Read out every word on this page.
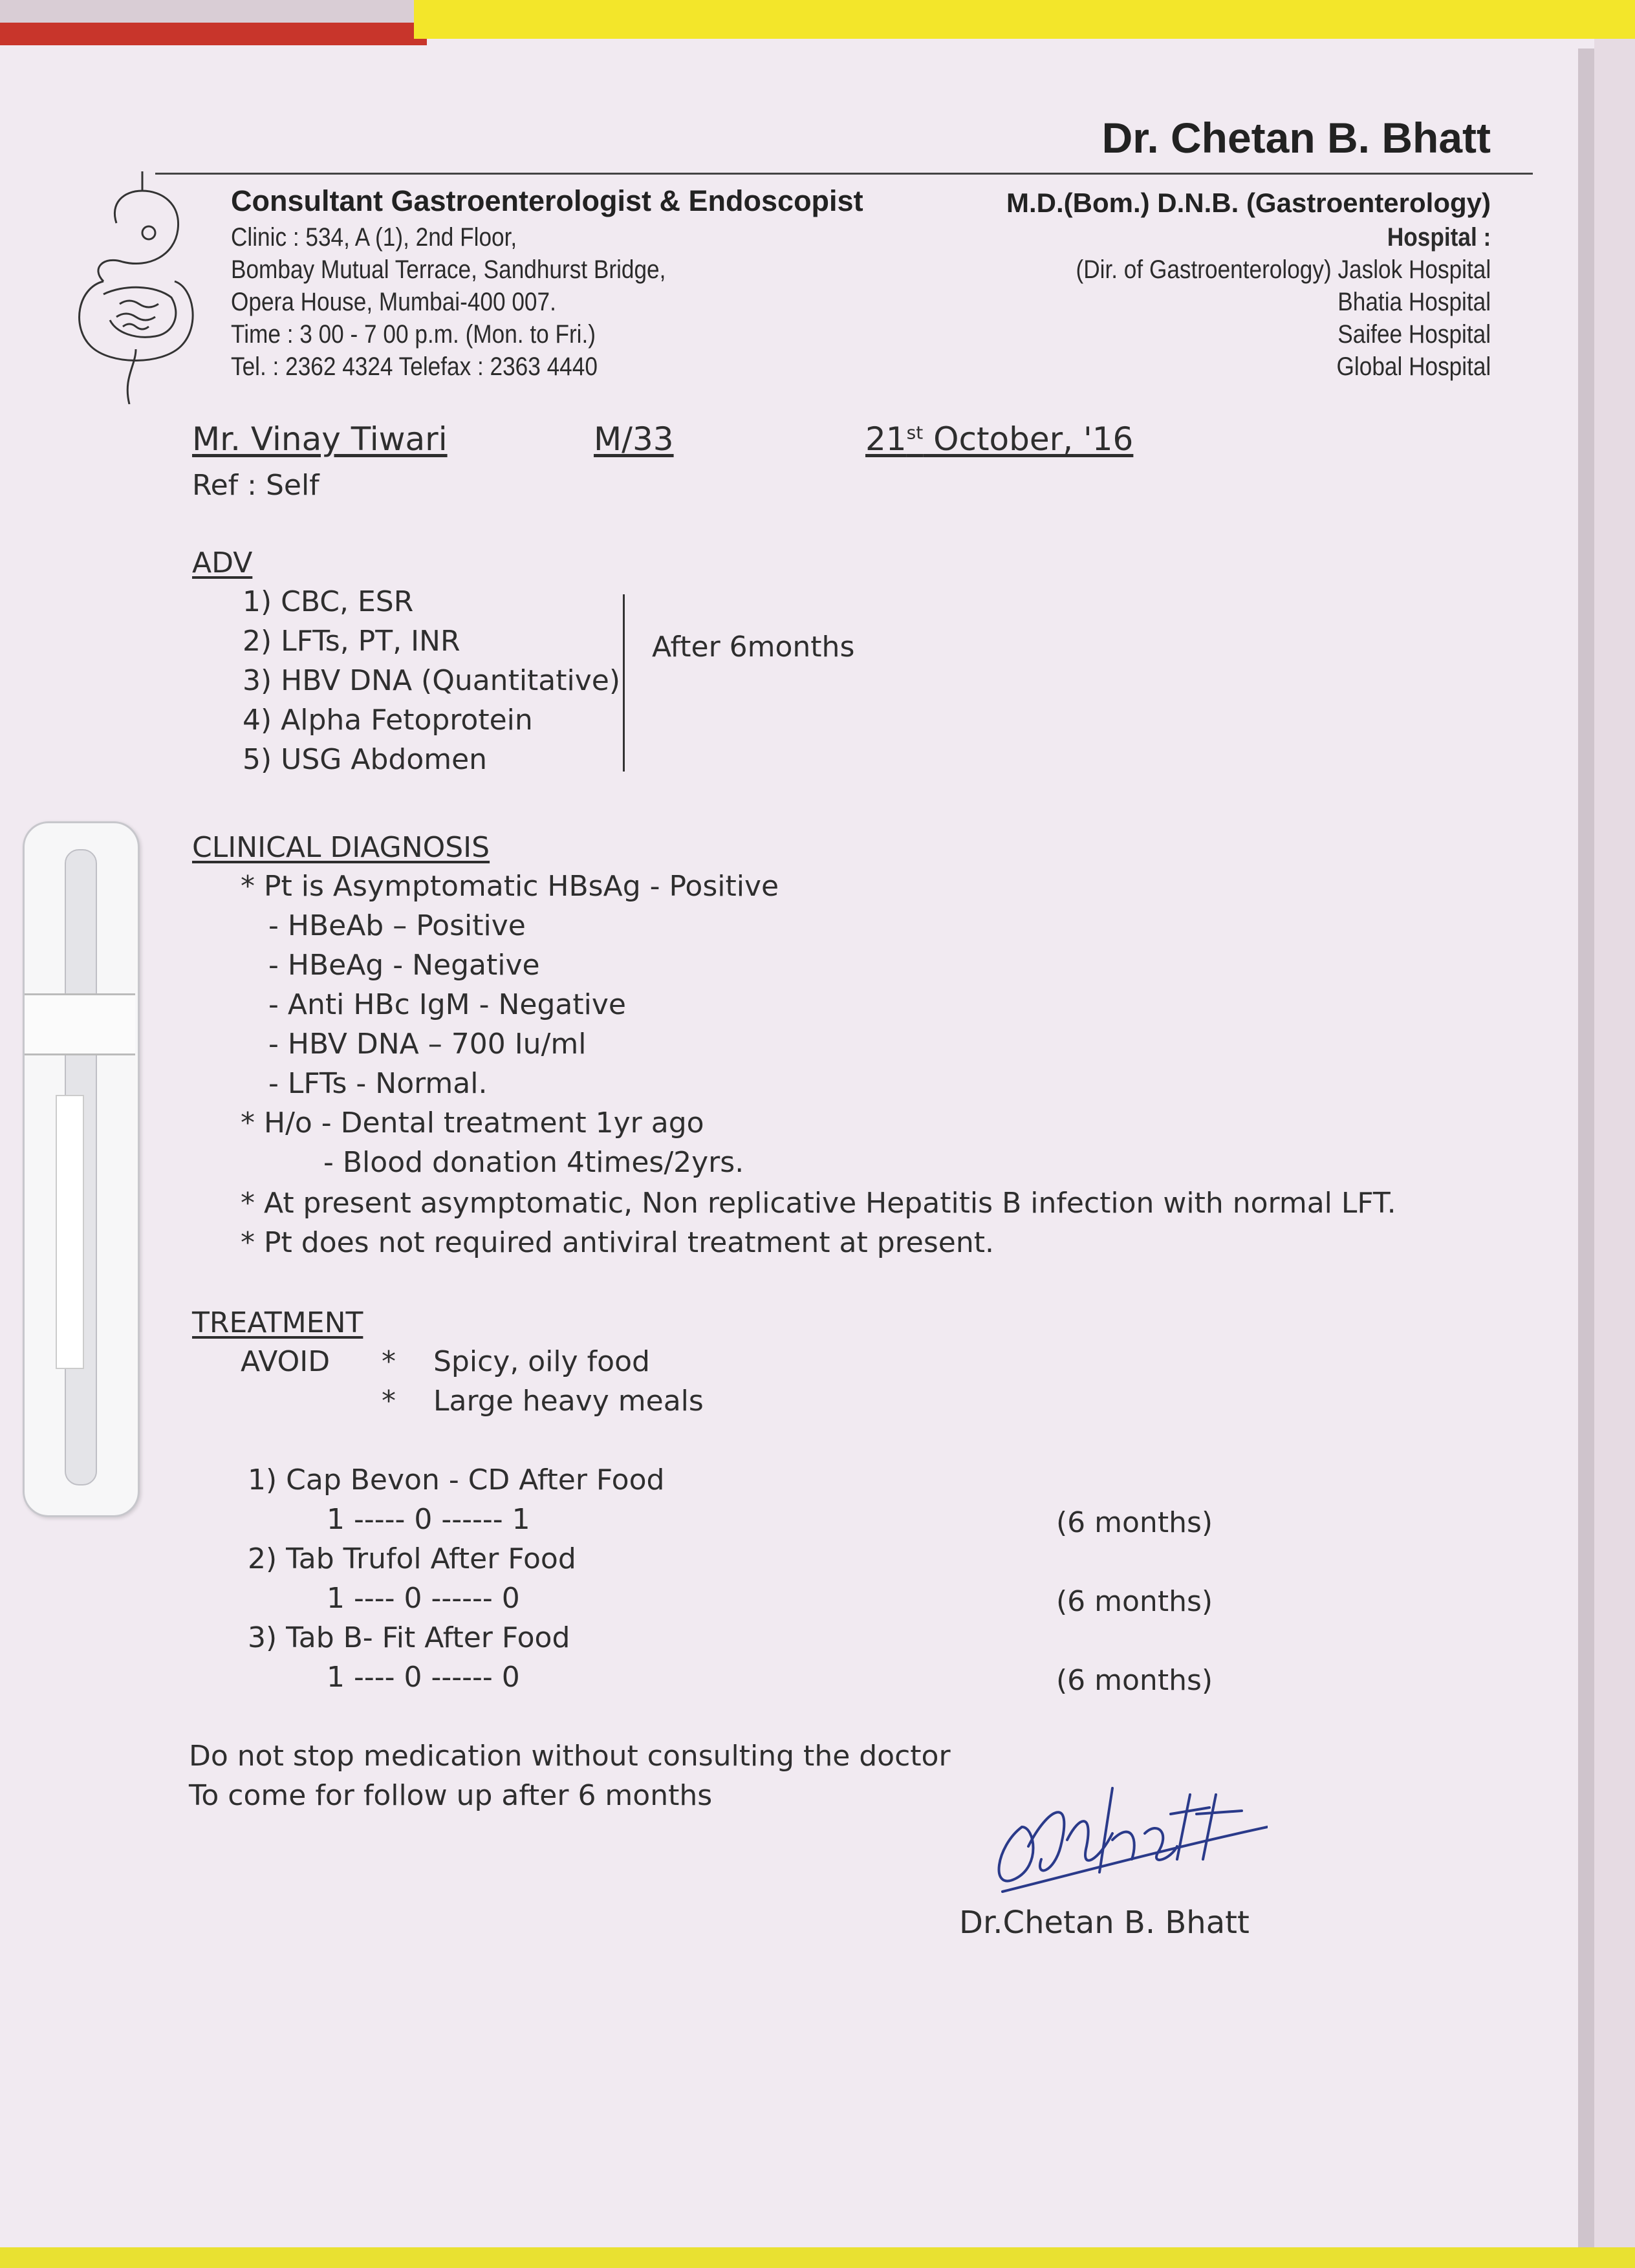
Dr. Chetan B. Bhatt
Consultant Gastroenterologist & Endoscopist	M.D.(Bom.) D.N.B. (Gastroenterology)
Clinic : 534, A (1), 2nd Floor,
Bombay Mutual Terrace, Sandhurst Bridge,
Opera House, Mumbai-400 007.
Time : 3 00 - 7 00 p.m. (Mon. to Fri.)
Tel. : 2362 4324 Telefax : 2363 4440
Hospital :
(Dir. of Gastroenterology) Jaslok Hospital
Bhatia Hospital
Saifee Hospital
Global Hospital
Mr. Vinay Tiwari	M/33	21st October, '16
Ref : Self
ADV
1) CBC, ESR
2) LFTs, PT, INR
3) HBV DNA (Quantitative)
4) Alpha Fetoprotein
5) USG Abdomen
After 6months
CLINICAL DIAGNOSIS
* Pt is Asymptomatic HBsAg - Positive
- HBeAb – Positive
- HBeAg - Negative
- Anti HBc IgM - Negative
- HBV DNA – 700 Iu/ml
- LFTs - Normal.
* H/o - Dental treatment 1yr ago
- Blood donation 4times/2yrs.
* At present asymptomatic, Non replicative Hepatitis B infection with normal LFT.
* Pt does not required antiviral treatment at present.
TREATMENT
AVOID * Spicy, oily food
* Large heavy meals
1) Cap Bevon - CD After Food
1 ----- 0 ------ 1	(6 months)
2) Tab Trufol After Food
1 ---- 0 ------ 0	(6 months)
3) Tab B- Fit After Food
1 ---- 0 ------ 0	(6 months)
Do not stop medication without consulting the doctor
To come for follow up after 6 months
Dr.Chetan B. Bhatt
